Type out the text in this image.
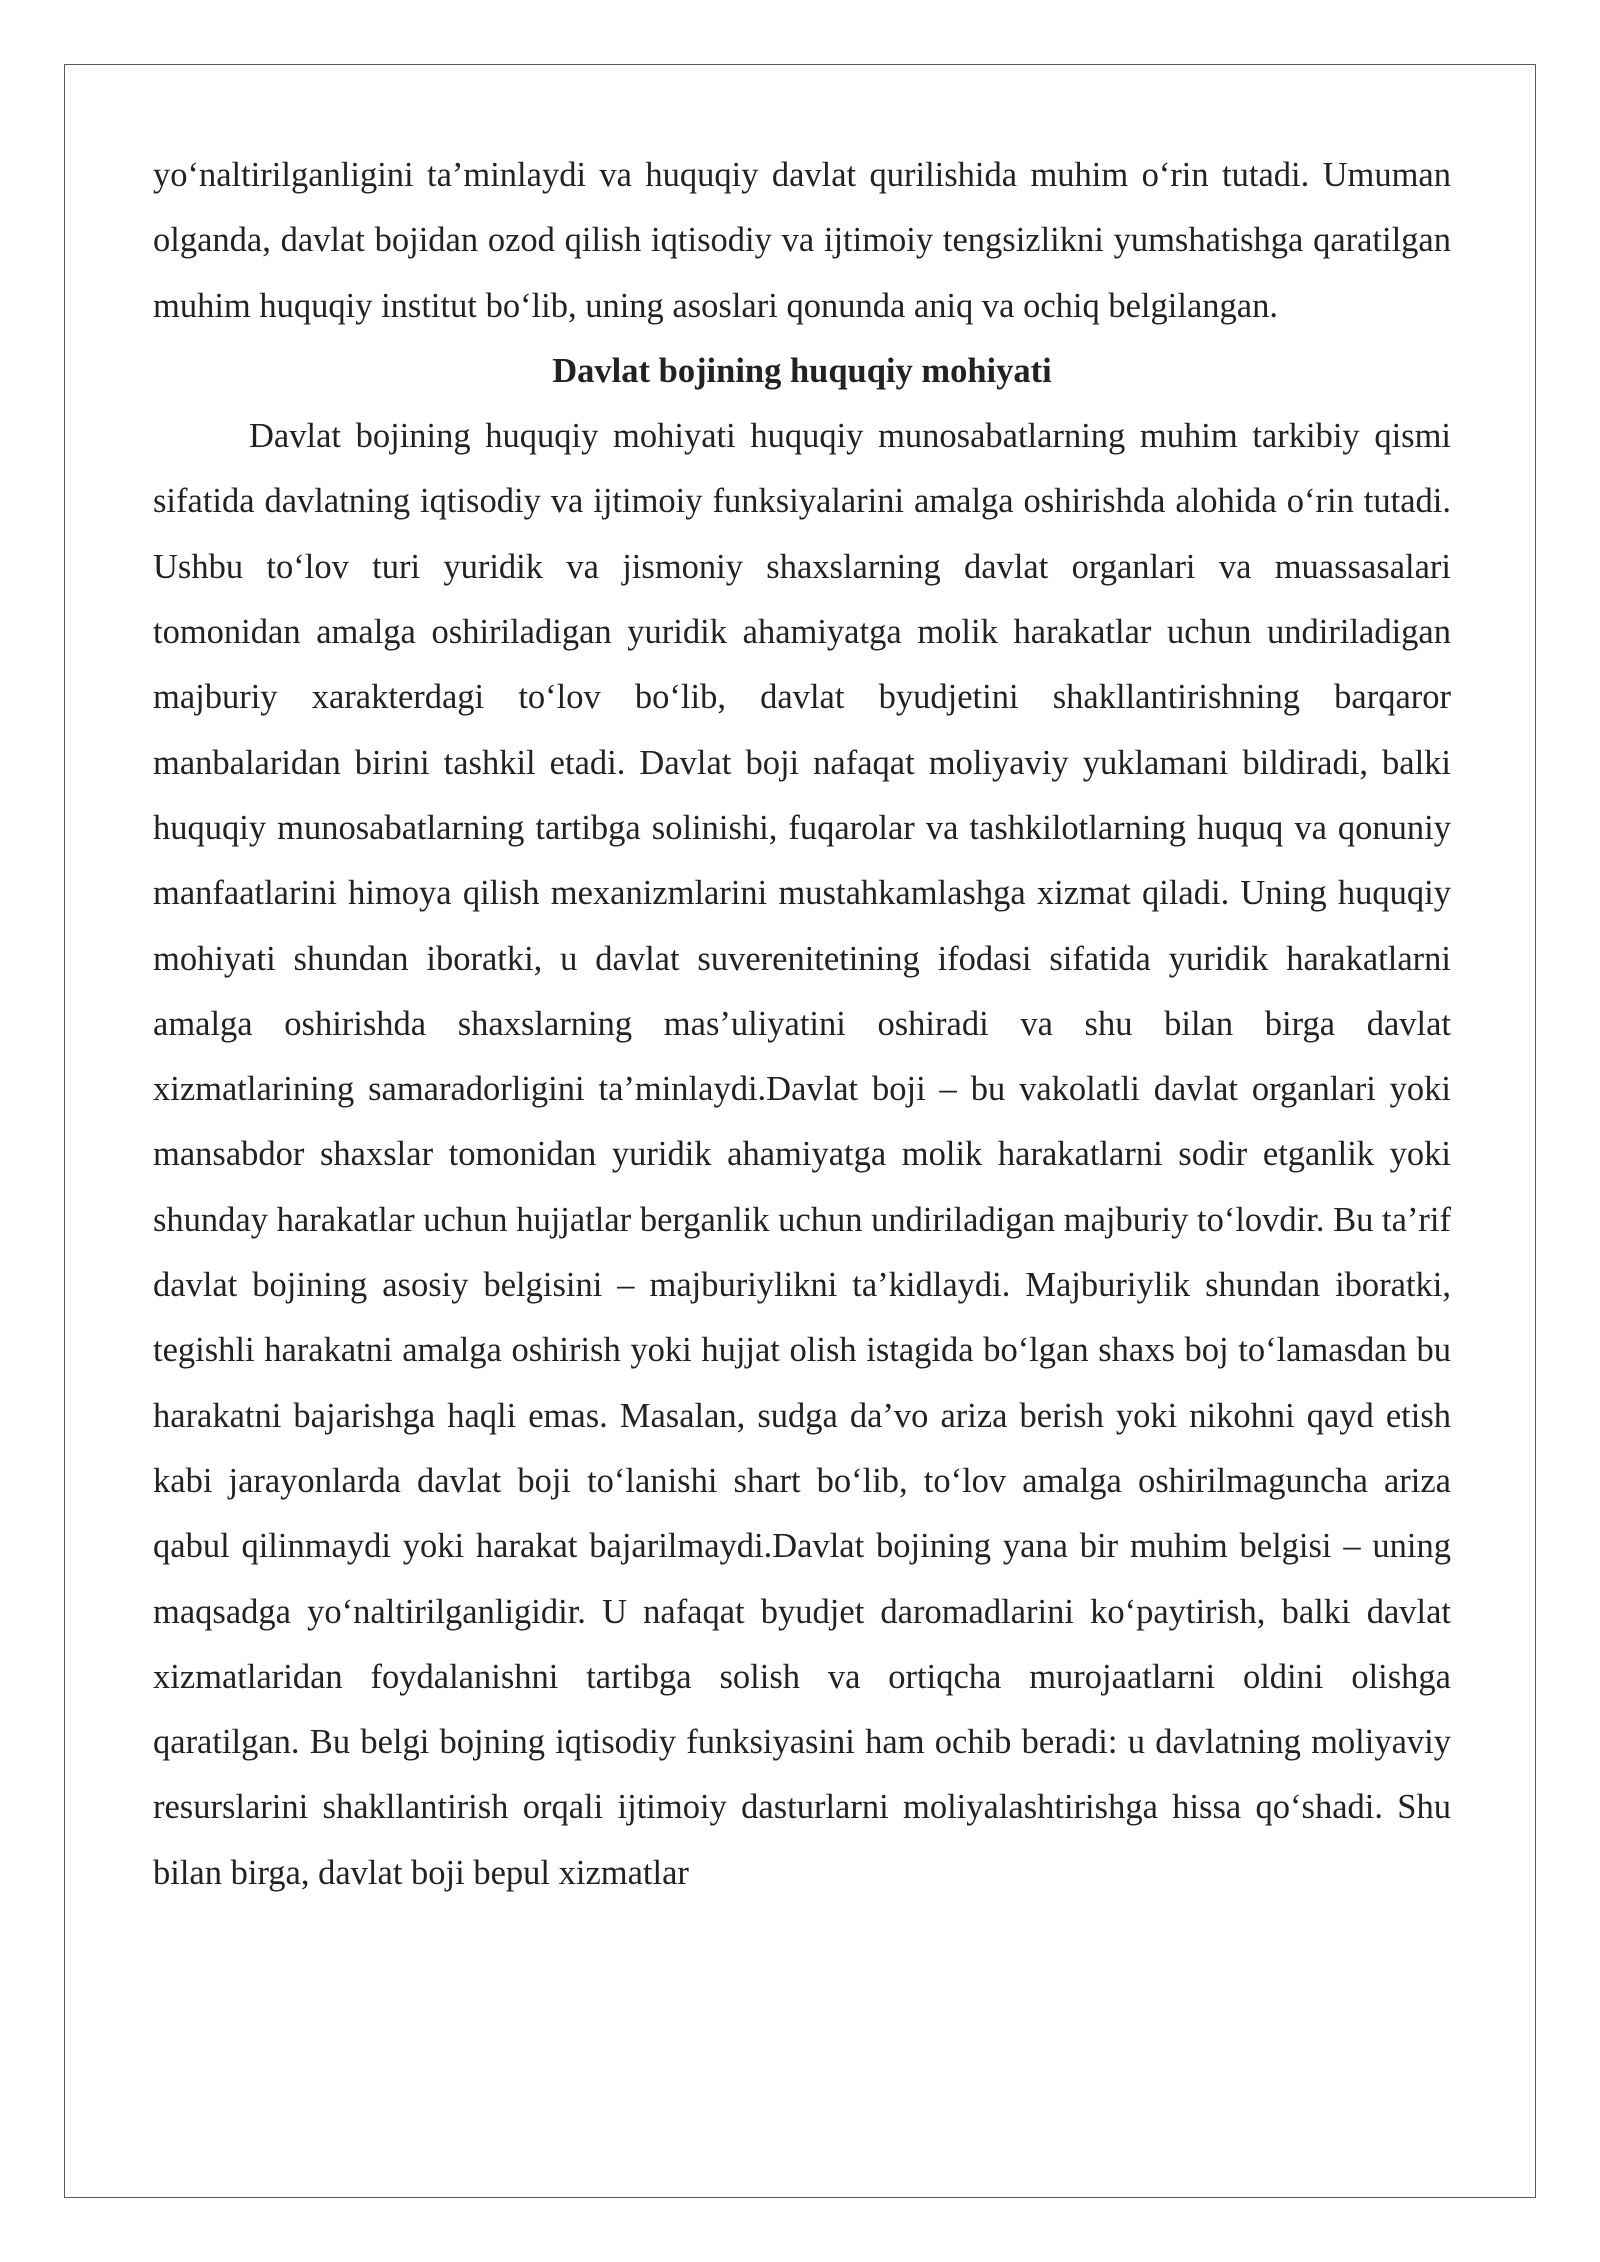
yo‘naltirilganligini ta’minlaydi va huquqiy davlat qurilishida muhim o‘rin tutadi. Umuman olganda, davlat bojidan ozod qilish iqtisodiy va ijtimoiy tengsizlikni yumshatishga qaratilgan muhim huquqiy institut bo‘lib, uning asoslari qonunda aniq va ochiq belgilangan.

Davlat bojining huquqiy mohiyati

Davlat bojining huquqiy mohiyati huquqiy munosabatlarning muhim tarkibiy qismi sifatida davlatning iqtisodiy va ijtimoiy funksiyalarini amalga oshirishda alohida o‘rin tutadi. Ushbu to‘lov turi yuridik va jismoniy shaxslarning davlat organlari va muassasalari tomonidan amalga oshiriladigan yuridik ahamiyatga molik harakatlar uchun undiriladigan majburiy xarakterdagi to‘lov bo‘lib, davlat byudjetini shakllantirishning barqaror manbalaridan birini tashkil etadi. Davlat boji nafaqat moliyaviy yuklamani bildiradi, balki huquqiy munosabatlarning tartibga solinishi, fuqarolar va tashkilotlarning huquq va qonuniy manfaatlarini himoya qilish mexanizmlarini mustahkamlashga xizmat qiladi. Uning huquqiy mohiyati shundan iboratki, u davlat suverenitetining ifodasi sifatida yuridik harakatlarni amalga oshirishda shaxslarning mas’uliyatini oshiradi va shu bilan birga davlat xizmatlarining samaradorligini ta’minlaydi.Davlat boji – bu vakolatli davlat organlari yoki mansabdor shaxslar tomonidan yuridik ahamiyatga molik harakatlarni sodir etganlik yoki shunday harakatlar uchun hujjatlar berganlik uchun undiriladigan majburiy to‘lovdir. Bu ta’rif davlat bojining asosiy belgisini – majburiylikni ta’kidlaydi. Majburiylik shundan iboratki, tegishli harakatni amalga oshirish yoki hujjat olish istagida bo‘lgan shaxs boj to‘lamasdan bu harakatni bajarishga haqli emas. Masalan, sudga da’vo ariza berish yoki nikohni qayd etish kabi jarayonlarda davlat boji to‘lanishi shart bo‘lib, to‘lov amalga oshirilmaguncha ariza qabul qilinmaydi yoki harakat bajarilmaydi.Davlat bojining yana bir muhim belgisi – uning maqsadga yo‘naltirilganligidir. U nafaqat byudjet daromadlarini ko‘paytirish, balki davlat xizmatlaridan foydalanishni tartibga solish va ortiqcha murojaatlarni oldini olishga qaratilgan. Bu belgi bojning iqtisodiy funksiyasini ham ochib beradi: u davlatning moliyaviy resurslarini shakllantirish orqali ijtimoiy dasturlarni moliyalashtirishga hissa qo‘shadi. Shu bilan birga, davlat boji bepul xizmatlar
